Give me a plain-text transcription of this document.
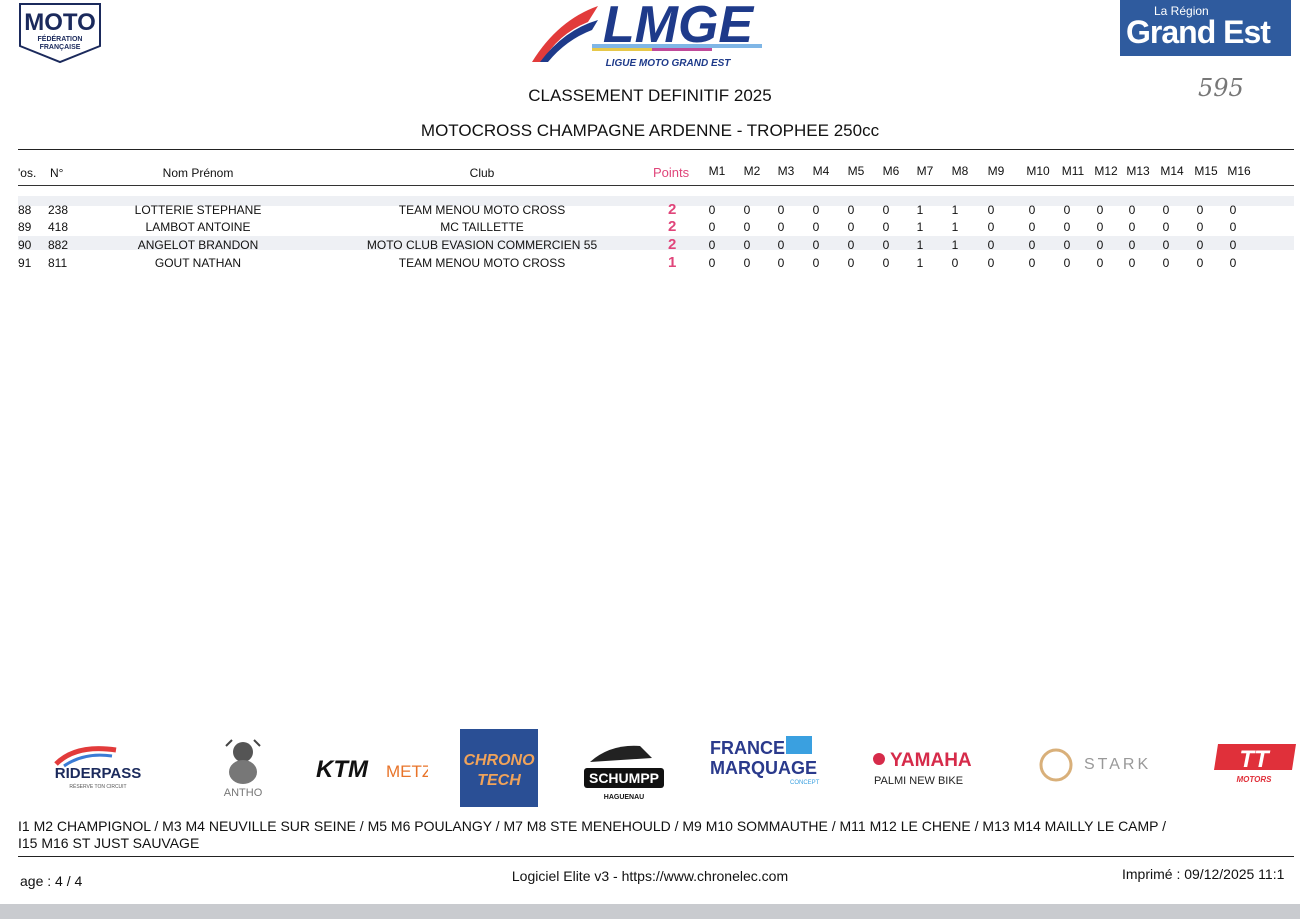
MOTO
FÉDÉRATION
FRANÇAISE	LMGE
LIGUE MOTO GRAND EST
La Région
Grand Est
595
CLASSEMENT DEFINITIF 2025
MOTOCROSS CHAMPAGNE ARDENNE - TROPHEE 250cc
'os. N°	Nom Prénom	Club	Points	M1	M2	M3	M4	M5	M6	M7	M8	M9	M10	M11 M12 M13 M14 M15 M16
88 238	LOTTERIE STEPHANE	TEAM MENOU MOTO CROSS	2	0	0	0	0	0	0	1	1	0	0	0	0	0	0	0	0
89 418	LAMBOT ANTOINE	MC TAILLETTE	2	0	0	0	0	0	0	1	1	0	0	0	0	0	0	0	0
90 882	ANGELOT BRANDON	MOTO CLUB EVASION COMMERCIEN 55	2	0	0	0	0	0	0	1	1	0	0	0	0	0	0	0	0
91 811	GOUT NATHAN	TEAM MENOU MOTO CROSS	1	0	0	0	0	0	0	1	0	0	0	0	0	0	0	0	0
RIDERPASS
RÉSERVE TON CIRCUIT	ANTHO
KTM METZ
CHRONO
TECH	SCHUMPP
HAGUENAU
FRANCE
MARQUAGE
CONCEPT
YAMAHA
PALMI NEW BIKE
STARK	TT
MOTORS
I1 M2 CHAMPIGNOL / M3 M4 NEUVILLE SUR SEINE / M5 M6 POULANGY / M7 M8 STE MENEHOULD / M9 M10 SOMMAUTHE / M11 M12 LE CHENE / M13 M14 MAILLY LE CAMP /
I15 M16 ST JUST SAUVAGE
age : 4 / 4	Logiciel Elite v3 - https://www.chronelec.com	Imprimé : 09/12/2025 11:1
